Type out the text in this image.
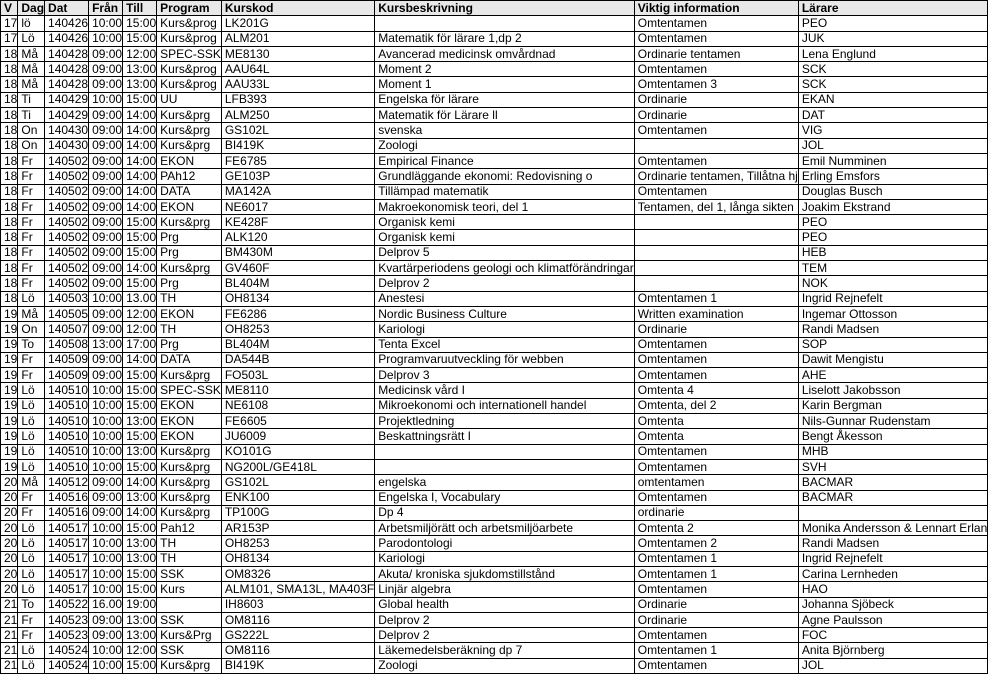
V	Dag	Dat	Från	Till	Program	Kurskod	Kursbeskrivning	Viktig information	Lärare
17	lö	140426	10:00	15:00	Kurs&prog	LK201G		Omtentamen	PEO
17	Lö	140426	10:00	15:00	Kurs&prog	ALM201	Matematik för lärare 1,dp 2	Omtentamen	JUK
18	Må	140428	09:00	12:00	SPEC-SSK	ME8130	Avancerad medicinsk omvårdnad	Ordinarie tentamen	Lena Englund
18	Må	140428	09:00	13:00	Kurs&prog	AAU64L	Moment 2	Omtentamen	SCK
18	Må	140428	09:00	13:00	Kurs&prog	AAU33L	Moment 1	Omtentamen 3	SCK
18	Ti	140429	10:00	15:00	UU	LFB393	Engelska för lärare	Ordinarie	EKAN
18	Ti	140429	09:00	14:00	Kurs&prg	ALM250	Matematik för Lärare ll	Ordinarie	DAT
18	On	140430	09:00	14:00	Kurs&prg	GS102L	svenska	Omtentamen	VIG
18	On	140430	09:00	14:00	Kurs&prg	BI419K	Zoologi		JOL
18	Fr	140502	09:00	14:00	EKON	FE6785	Empirical Finance	Omtentamen	Emil Numminen
18	Fr	140502	09:00	14:00	PAh12	GE103P	Grundläggande ekonomi: Redovisning o	Ordinarie tentamen, Tillåtna hj	Erling Emsfors
18	Fr	140502	09:00	14:00	DATA	MA142A	Tillämpad matematik	Omtentamen	Douglas Busch
18	Fr	140502	09:00	14:00	EKON	NE6017	Makroekonomisk teori, del 1	Tentamen, del 1, långa sikten	Joakim Ekstrand
18	Fr	140502	09:00	15:00	Kurs&prg	KE428F	Organisk kemi		PEO
18	Fr	140502	09:00	15:00	Prg	ALK120	Organisk kemi		PEO
18	Fr	140502	09:00	15:00	Prg	BM430M	Delprov 5		HEB
18	Fr	140502	09:00	14:00	Kurs&prg	GV460F	Kvartärperiodens geologi och klimatförändringar		TEM
18	Fr	140502	09:00	15:00	Prg	BL404M	Delprov 2		NOK
18	Lö	140503	10:00	13.00	TH	OH8134	Anestesi	Omtentamen 1	Ingrid Rejnefelt
19	Må	140505	09:00	12:00	EKON	FE6286	Nordic Business Culture	Written examination	Ingemar Ottosson
19	On	140507	09:00	12:00	TH	OH8253	Kariologi	Ordinarie	Randi Madsen
19	To	140508	13:00	17:00	Prg	BL404M	Tenta Excel	Omtentamen	SOP
19	Fr	140509	09:00	14:00	DATA	DA544B	Programvaruutveckling för webben	Omtentamen	Dawit Mengistu
19	Fr	140509	09:00	15:00	Kurs&prg	FO503L	Delprov 3	Omtentamen	AHE
19	Lö	140510	10:00	15:00	SPEC-SSK	ME8110	Medicinsk vård I	Omtenta 4	Liselott Jakobsson
19	Lö	140510	10:00	15:00	EKON	NE6108	Mikroekonomi och internationell handel	Omtenta, del 2	Karin Bergman
19	Lö	140510	10:00	13:00	EKON	FE6605	Projektledning	Omtenta	Nils-Gunnar Rudenstam
19	Lö	140510	10:00	15:00	EKON	JU6009	Beskattningsrätt I	Omtenta	Bengt Åkesson
19	Lö	140510	10:00	13:00	Kurs&prg	KO101G		Omtentamen	MHB
19	Lö	140510	10:00	15:00	Kurs&prg	NG200L/GE418L		Omtentamen	SVH
20	Må	140512	09:00	14:00	Kurs&prg	GS102L	engelska	omtentamen	BACMAR
20	Fr	140516	09:00	13:00	Kurs&prg	ENK100	Engelska I, Vocabulary	Omtentamen	BACMAR
20	Fr	140516	09:00	14:00	Kurs&prg	TP100G	Dp 4	ordinarie	
20	Lö	140517	10:00	15:00	Pah12	AR153P	Arbetsmiljörätt och arbetsmiljöarbete	Omtenta 2	Monika Andersson & Lennart Erlan
20	Lö	140517	10:00	13:00	TH	OH8253	Parodontologi	Omtentamen 2	Randi Madsen
20	Lö	140517	10:00	13:00	TH	OH8134	Kariologi	Omtentamen 1	Ingrid Rejnefelt
20	Lö	140517	10:00	15:00	SSK	OM8326	Akuta/ kroniska sjukdomstillstånd	Omtentamen 1	Carina Lernheden
20	Lö	140517	10:00	15:00	Kurs	ALM101, SMA13L, MA403F	Linjär algebra	Omtentamen	HAO
21	To	140522	16.00	19:00		IH8603	Global health	Ordinarie	Johanna Sjöbeck
21	Fr	140523	09:00	13:00	SSK	OM8116	Delprov 2	Ordinarie	Agne Paulsson
21	Fr	140523	09:00	13:00	Kurs&Prg	GS222L	Delprov 2	Omtentamen	FOC
21	Lö	140524	10:00	12:00	SSK	OM8116	Läkemedelsberäkning dp 7	Omtentamen 1	Anita Björnberg
21	Lö	140524	10:00	15:00	Kurs&prg	BI419K	Zoologi	Omtentamen	JOL
